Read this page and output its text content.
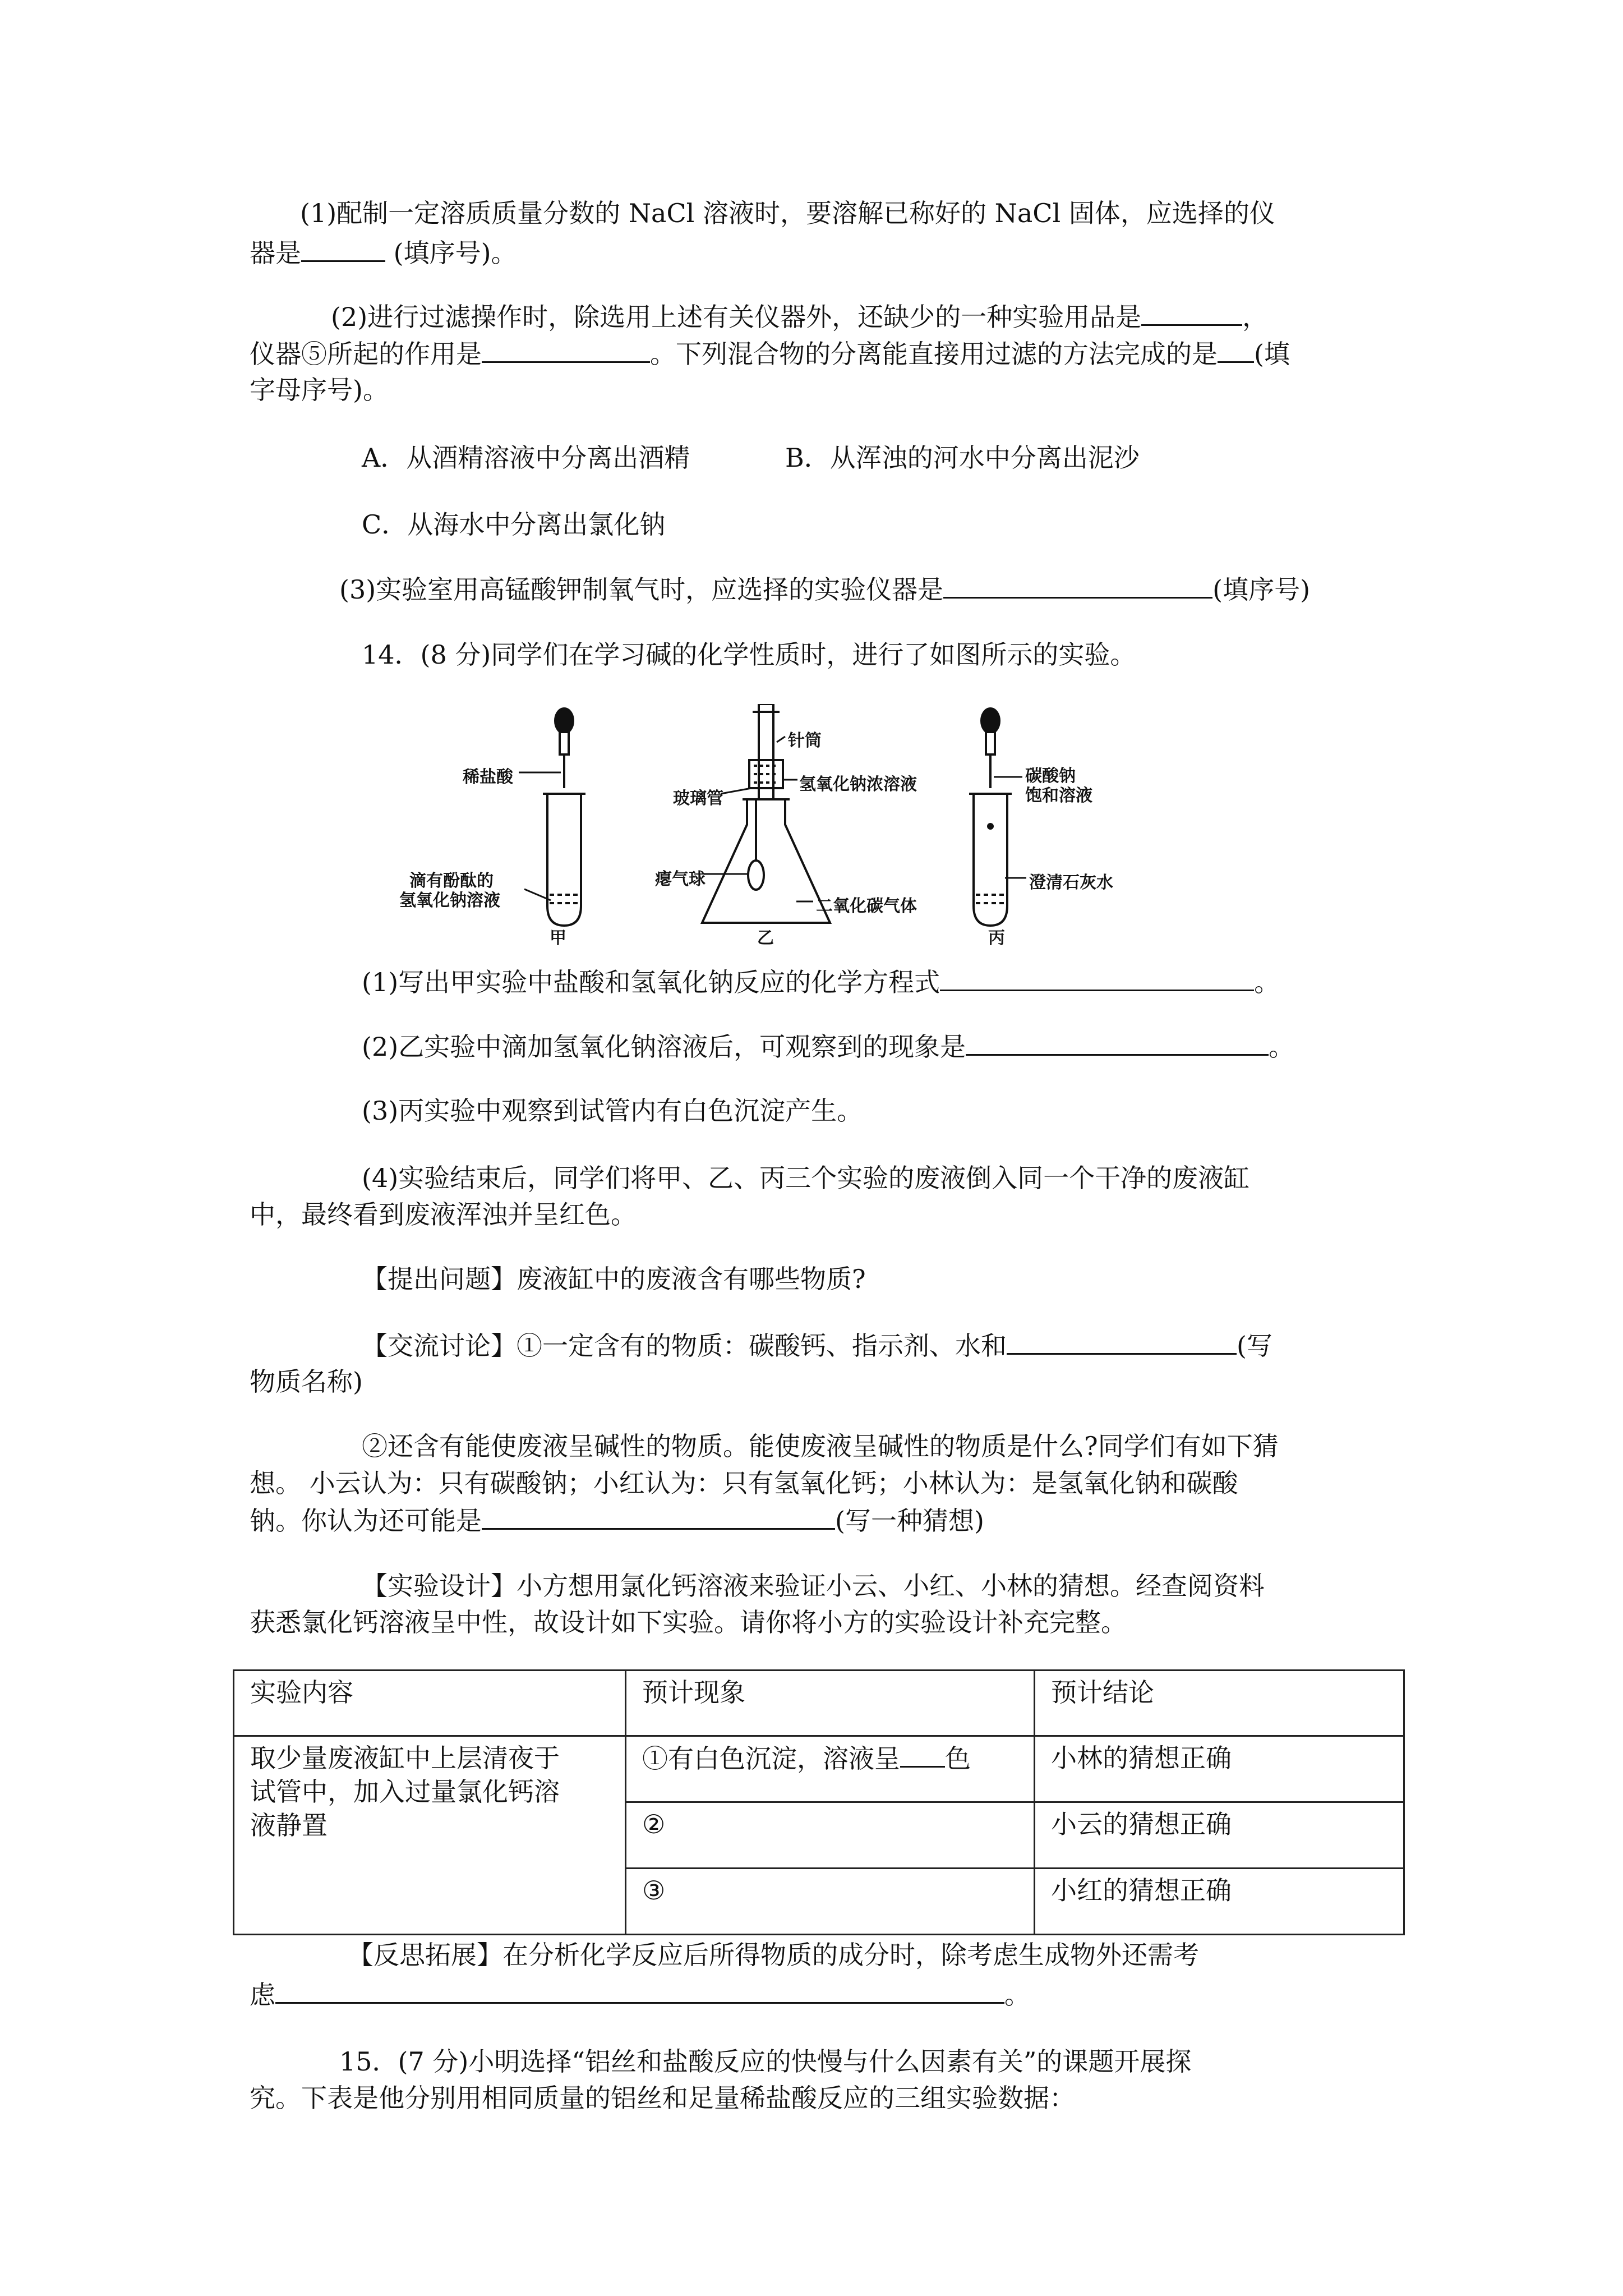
(1)配制一定溶质质量分数的 NaCl 溶液时，要溶解已称好的 NaCl 固体，应选择的仪
器是	(填序号)。
(2)进行过滤操作时，除选用上述有关仪器外，还缺少的一种实验用品是	，
仪器⑤所起的作用是	。下列混合物的分离能直接用过滤的方法完成的是 (填
字母序号)。
A．从酒精溶液中分离出酒精	B．从浑浊的河水中分离出泥沙
C．从海水中分离出氯化钠
(3)实验室用高锰酸钾制氧气时，应选择的实验仪器是	(填序号)
14．(8 分)同学们在学习碱的化学性质时，进行了如图所示的实验。
稀盐酸
滴有酚酞的
氢氧化钠溶液
甲
针筒
玻璃管
氢氧化钠浓溶液
瘪气球
二氧化碳气体
乙
碳酸钠
饱和溶液
澄清石灰水
丙
(1)写出甲实验中盐酸和氢氧化钠反应的化学方程式	。
(2)乙实验中滴加氢氧化钠溶液后，可观察到的现象是	。
(3)丙实验中观察到试管内有白色沉淀产生。
(4)实验结束后，同学们将甲、乙、丙三个实验的废液倒入同一个干净的废液缸
中，最终看到废液浑浊并呈红色。
【提出问题】废液缸中的废液含有哪些物质?
【交流讨论】①一定含有的物质：碳酸钙、指示剂、水和	(写
物质名称)
②还含有能使废液呈碱性的物质。能使废液呈碱性的物质是什么?同学们有如下猜
想。 小云认为：只有碳酸钠；小红认为：只有氢氧化钙；小林认为：是氢氧化钠和碳酸
钠。你认为还可能是	(写一种猜想)
【实验设计】小方想用氯化钙溶液来验证小云、小红、小林的猜想。经查阅资料
获悉氯化钙溶液呈中性，故设计如下实验。请你将小方的实验设计补充完整。
实验内容	预计现象	预计结论

取少量废液缸中上层清夜于
试管中，加入过量氯化钙溶
液静置	①有白色沉淀，溶液呈 色	小林的猜想正确
	②	小云的猜想正确
	③	小红的猜想正确
【反思拓展】在分析化学反应后所得物质的成分时，除考虑生成物外还需考
虑	。
15．(7 分)小明选择“铝丝和盐酸反应的快慢与什么因素有关”的课题开展探
究。下表是他分别用相同质量的铝丝和足量稀盐酸反应的三组实验数据：
